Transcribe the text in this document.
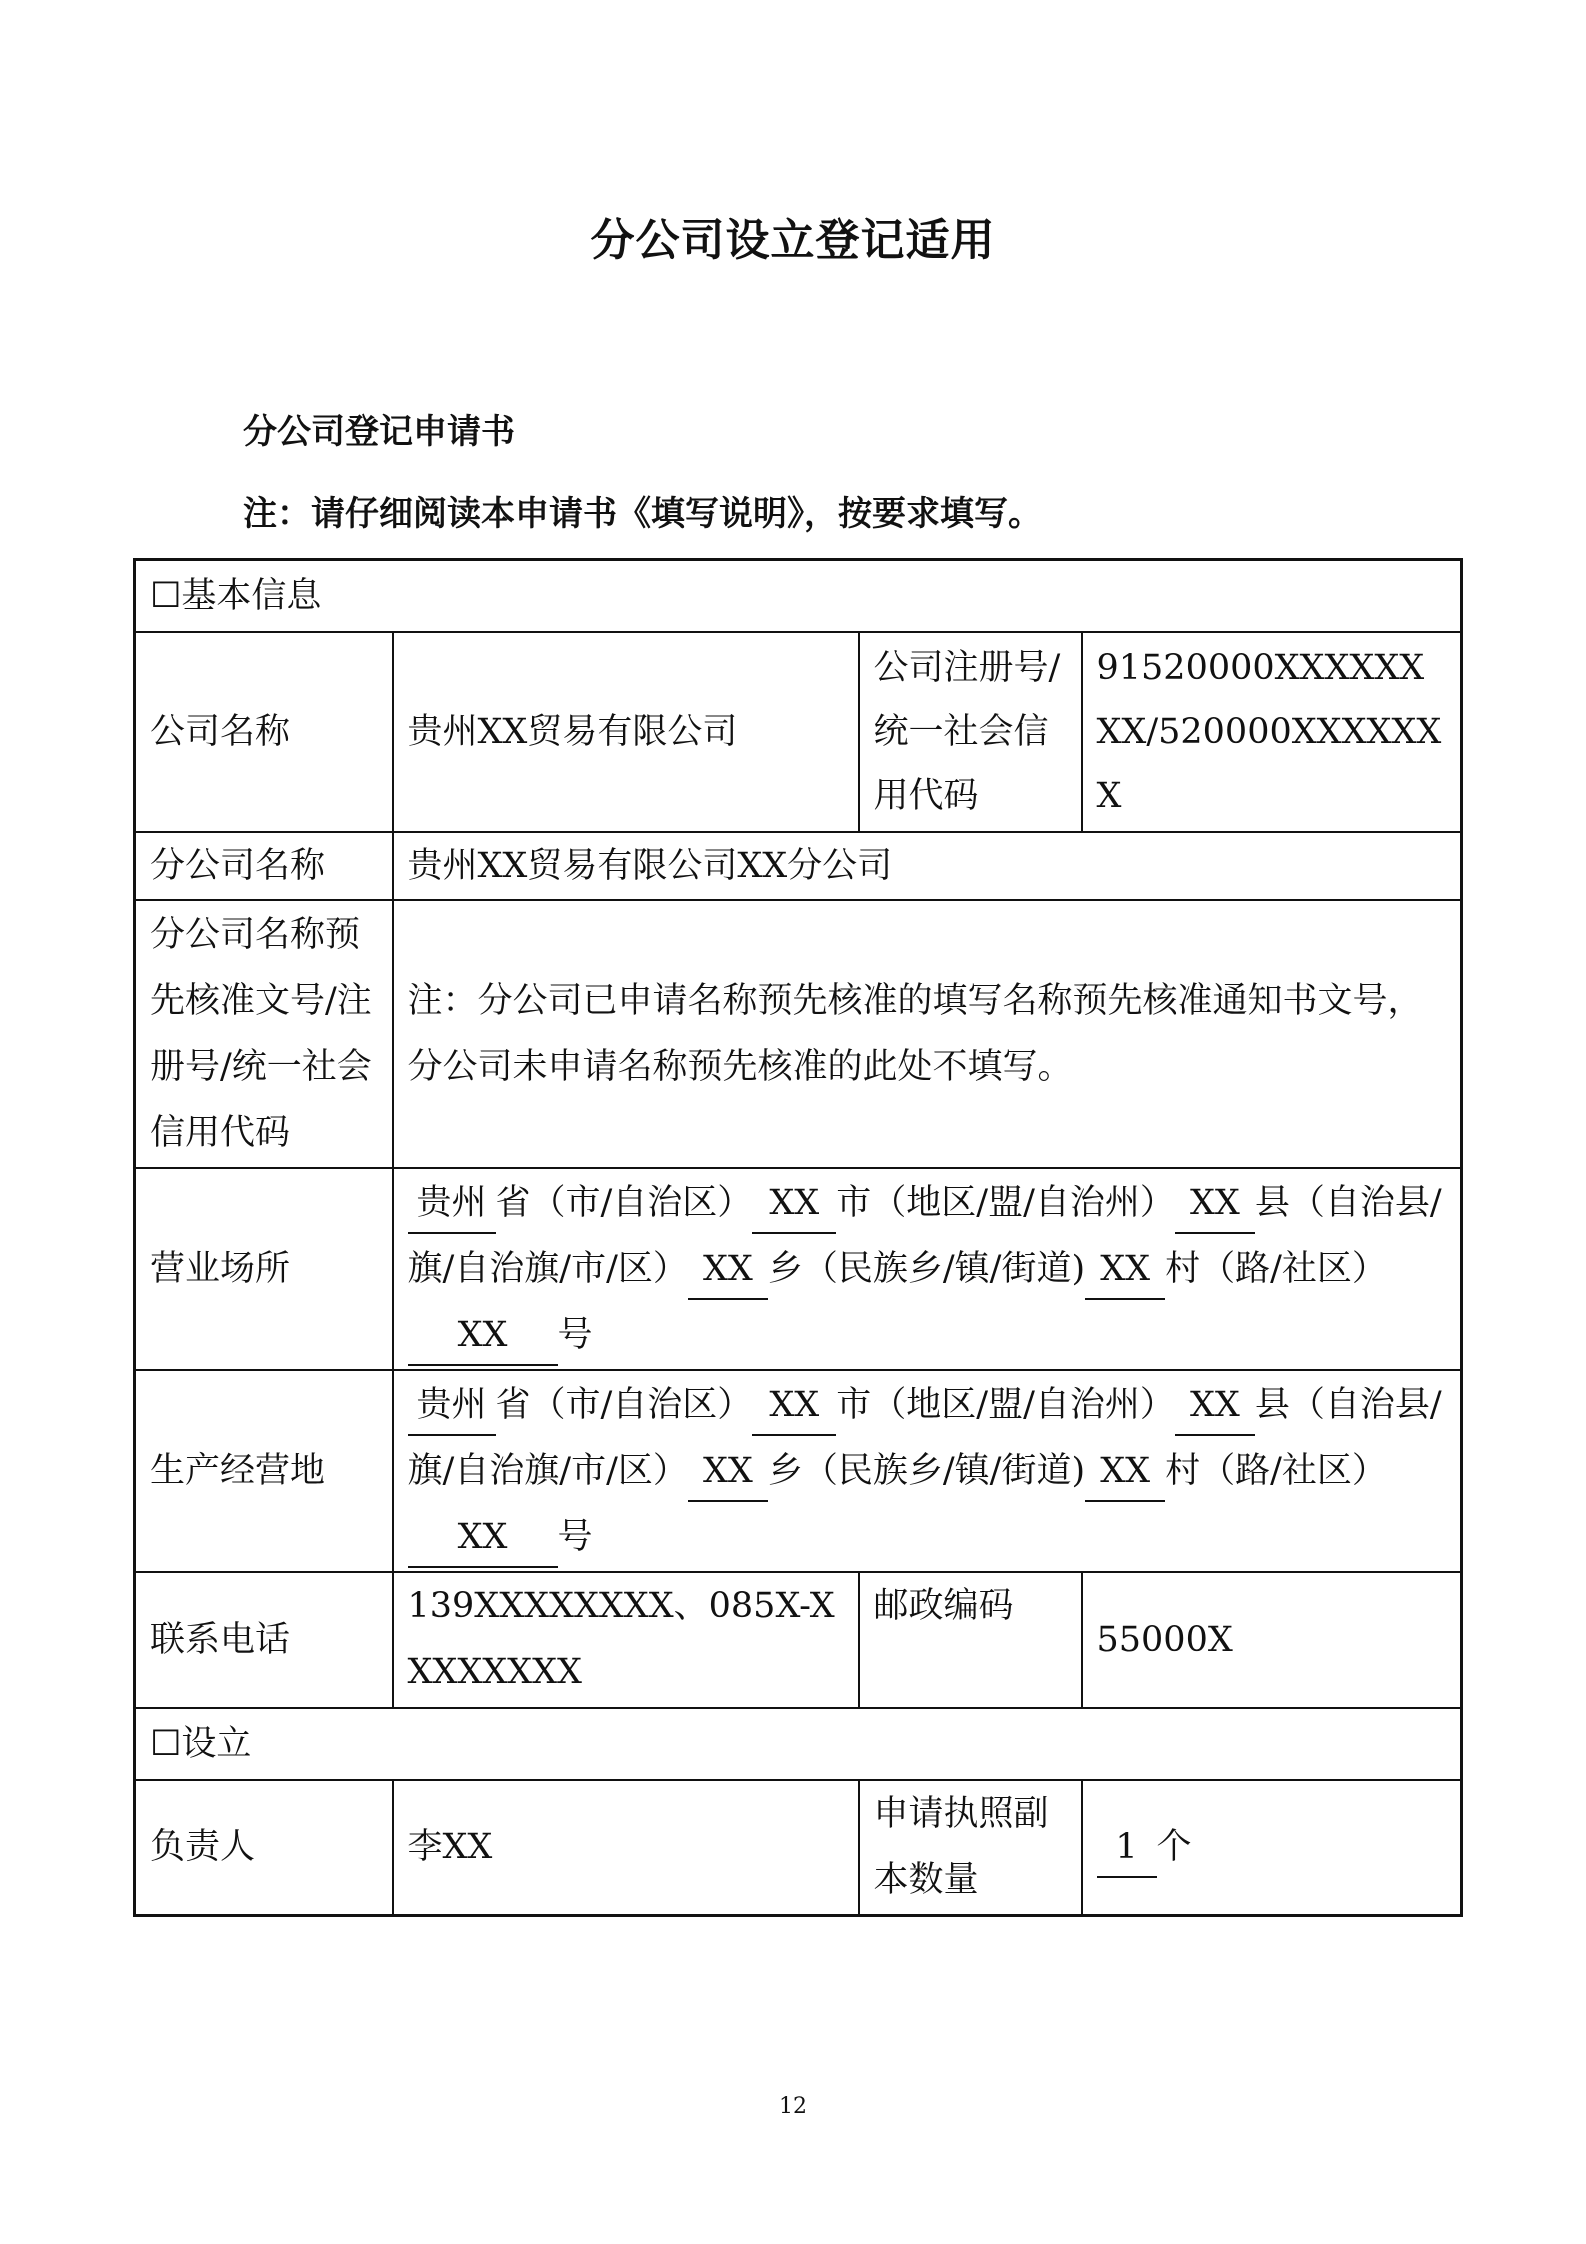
分公司设立登记适用
分公司登记申请书
注：请仔细阅读本申请书《填写说明》，按要求填写。
☐基本信息			
公司名称	贵州XX贸易有限公司	公司注册号/统一社会信用代码	91520000XXXXXXXX/520000XXXXXXX
分公司名称	贵州XX贸易有限公司XX分公司		
分公司名称预先核准文号/注册号/统一社会信用代码	注：分公司已申请名称预先核准的填写名称预先核准通知书文号，分公司未申请名称预先核准的此处不填写。		
营业场所	贵州 省（市/自治区） XX 市（地区/盟/自治州） XX 县（自治县/旗/自治旗/市/区） XX 乡（民族乡/镇/街道) XX 村（路/社区）XX 号		
生产经营地	贵州 省（市/自治区） XX 市（地区/盟/自治州） XX 县（自治县/旗/自治旗/市/区） XX 乡（民族乡/镇/街道) XX 村（路/社区）XX 号		
联系电话	139XXXXXXXX、085X-XXXXXXXX	邮政编码	55000X
☐设立			
负责人	李XX	申请执照副本数量	1 个
12
